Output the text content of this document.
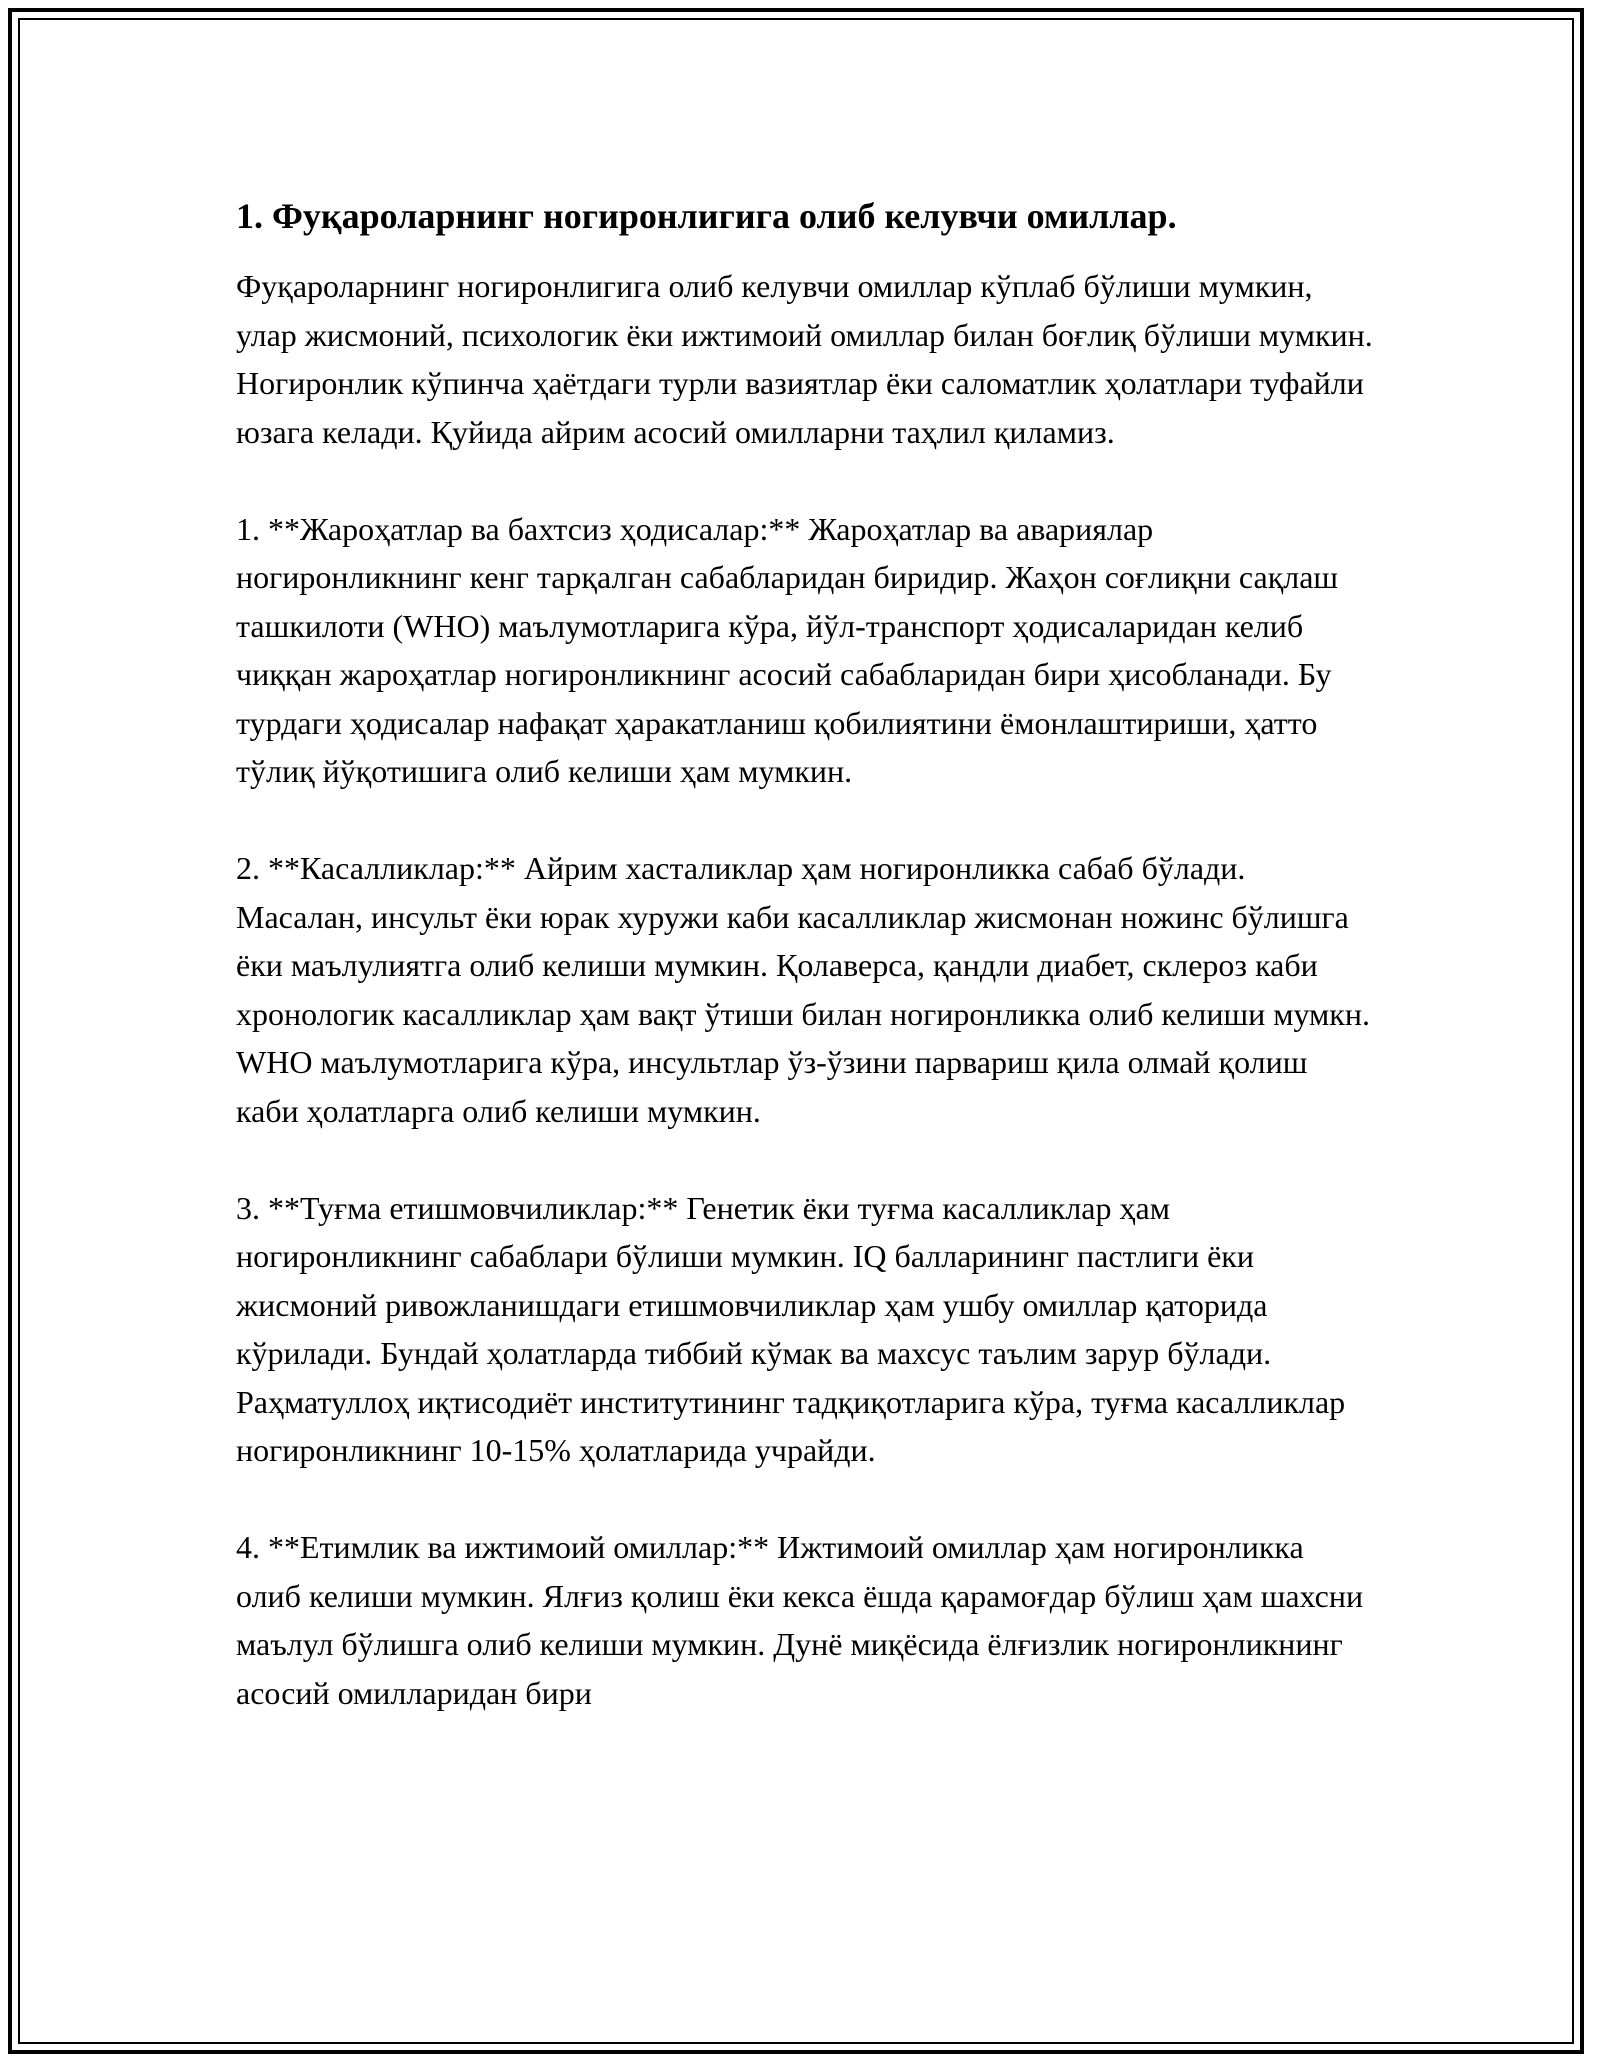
1. Фуқароларнинг ногиронлигига олиб келувчи омиллар.

Фуқароларнинг ногиронлигига олиб келувчи омиллар кўплаб бўлиши мумкин, улар жисмоний, психологик ёки ижтимоий омиллар билан боғлиқ бўлиши мумкин. Ногиронлик кўпинча ҳаётдаги турли вазиятлар ёки саломатлик ҳолатлари туфайли юзага келади. Қуйида айрим асосий омилларни таҳлил қиламиз.

1. **Жароҳатлар ва бахтсиз ҳодисалар:** Жароҳатлар ва авариялар ногиронликнинг кенг тарқалган сабабларидан биридир. Жаҳон соғлиқни сақлаш ташкилоти (WHO) маълумотларига кўра, йўл-транспорт ҳодисаларидан келиб чиққан жароҳатлар ногиронликнинг асосий сабабларидан бири ҳисобланади. Бу турдаги ҳодисалар нафақат ҳаракатланиш қобилиятини ёмонлаштириши, ҳатто тўлиқ йўқотишига олиб келиши ҳам мумкин.

2. **Касалликлар:** Айрим хасталиклар ҳам ногиронликка сабаб бўлади. Масалан, инсульт ёки юрак хуружи каби касалликлар жисмонан ножинс бўлишга ёки маълулиятга олиб келиши мумкин. Қолаверса, қандли диабет, склероз каби хронологик касалликлар ҳам вақт ўтиши билан ногиронликка олиб келиши мумкн. WHO маълумотларига кўра, инсультлар ўз-ўзини парвариш қила олмай қолиш каби ҳолатларга олиб келиши мумкин.

3. **Туғма етишмовчиликлар:** Генетик ёки туғма касалликлар ҳам ногиронликнинг сабаблари бўлиши мумкин. IQ балларининг пастлиги ёки жисмоний ривожланишдаги етишмовчиликлар ҳам ушбу омиллар қаторида кўрилади. Бундай ҳолатларда тиббий кўмак ва махсус таълим зарур бўлади. Раҳматуллоҳ иқтисодиёт институтининг тадқиқотларига кўра, туғма касалликлар ногиронликнинг 10-15% ҳолатларида учрайди.

4. **Етимлик ва ижтимоий омиллар:** Ижтимоий омиллар ҳам ногиронликка олиб келиши мумкин. Ялғиз қолиш ёки кекса ёшда қарамоғдар бўлиш ҳам шахсни маълул бўлишга олиб келиши мумкин. Дунё миқёсида ёлғизлик ногиронликнинг асосий омилларидан бири
